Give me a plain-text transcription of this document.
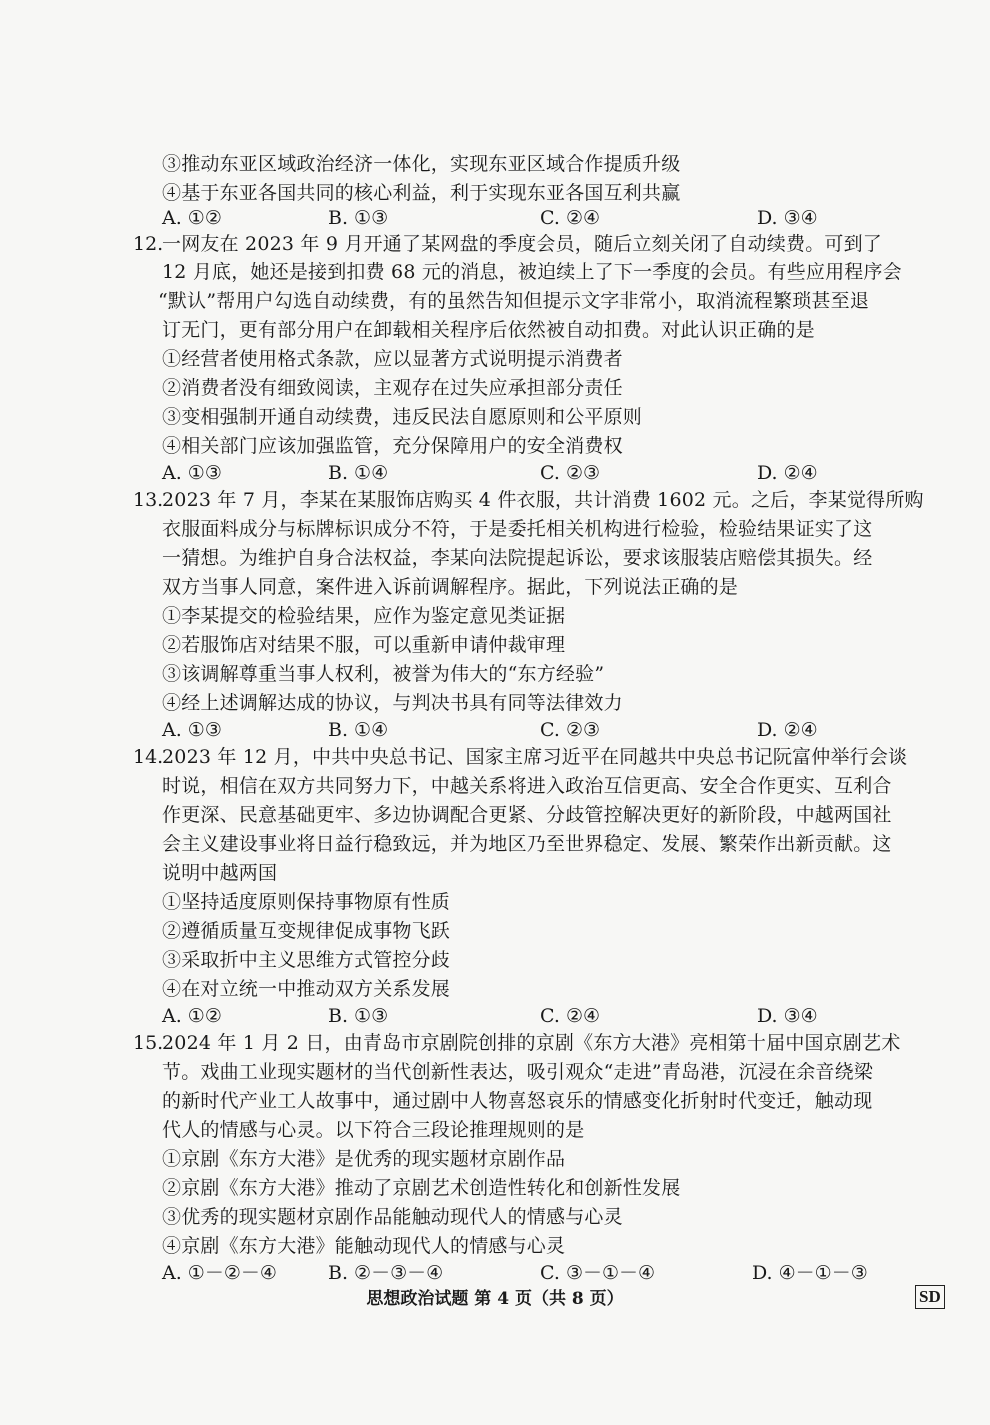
③推动东亚区域政治经济一体化，实现东亚区域合作提质升级
④基于东亚各国共同的核心利益，利于实现东亚各国互利共赢
A. ①②	B. ①③	C. ②④	D. ③④
12.
一网友在 2023 年 9 月开通了某网盘的季度会员，随后立刻关闭了自动续费。可到了
12 月底，她还是接到扣费 68 元的消息，被迫续上了下一季度的会员。有些应用程序会
“默认”帮用户勾选自动续费，有的虽然告知但提示文字非常小，取消流程繁琐甚至退
订无门，更有部分用户在卸载相关程序后依然被自动扣费。对此认识正确的是
①经营者使用格式条款，应以显著方式说明提示消费者
②消费者没有细致阅读，主观存在过失应承担部分责任
③变相强制开通自动续费，违反民法自愿原则和公平原则
④相关部门应该加强监管，充分保障用户的安全消费权
A. ①③	B. ①④	C. ②③	D. ②④
13.
2023 年 7 月，李某在某服饰店购买 4 件衣服，共计消费 1602 元。之后，李某觉得所购
衣服面料成分与标牌标识成分不符，于是委托相关机构进行检验，检验结果证实了这
一猜想。为维护自身合法权益，李某向法院提起诉讼，要求该服装店赔偿其损失。经
双方当事人同意，案件进入诉前调解程序。据此，下列说法正确的是
①李某提交的检验结果，应作为鉴定意见类证据
②若服饰店对结果不服，可以重新申请仲裁审理
③该调解尊重当事人权利，被誉为伟大的“东方经验”
④经上述调解达成的协议，与判决书具有同等法律效力
A. ①③	B. ①④	C. ②③	D. ②④
14.
2023 年 12 月，中共中央总书记、国家主席习近平在同越共中央总书记阮富仲举行会谈
时说，相信在双方共同努力下，中越关系将进入政治互信更高、安全合作更实、互利合
作更深、民意基础更牢、多边协调配合更紧、分歧管控解决更好的新阶段，中越两国社
会主义建设事业将日益行稳致远，并为地区乃至世界稳定、发展、繁荣作出新贡献。这
说明中越两国
①坚持适度原则保持事物原有性质
②遵循质量互变规律促成事物飞跃
③采取折中主义思维方式管控分歧
④在对立统一中推动双方关系发展
A. ①②	B. ①③	C. ②④	D. ③④
15.
2024 年 1 月 2 日，由青岛市京剧院创排的京剧《东方大港》亮相第十届中国京剧艺术
节。戏曲工业现实题材的当代创新性表达，吸引观众“走进”青岛港，沉浸在余音绕梁
的新时代产业工人故事中，通过剧中人物喜怒哀乐的情感变化折射时代变迁，触动现
代人的情感与心灵。以下符合三段论推理规则的是
①京剧《东方大港》是优秀的现实题材京剧作品
②京剧《东方大港》推动了京剧艺术创造性转化和创新性发展
③优秀的现实题材京剧作品能触动现代人的情感与心灵
④京剧《东方大港》能触动现代人的情感与心灵
A. ①－②－④	B. ②－③－④	C. ③－①－④	D. ④－①－③
思想政治试题 第 4 页（共 8 页）	SD
